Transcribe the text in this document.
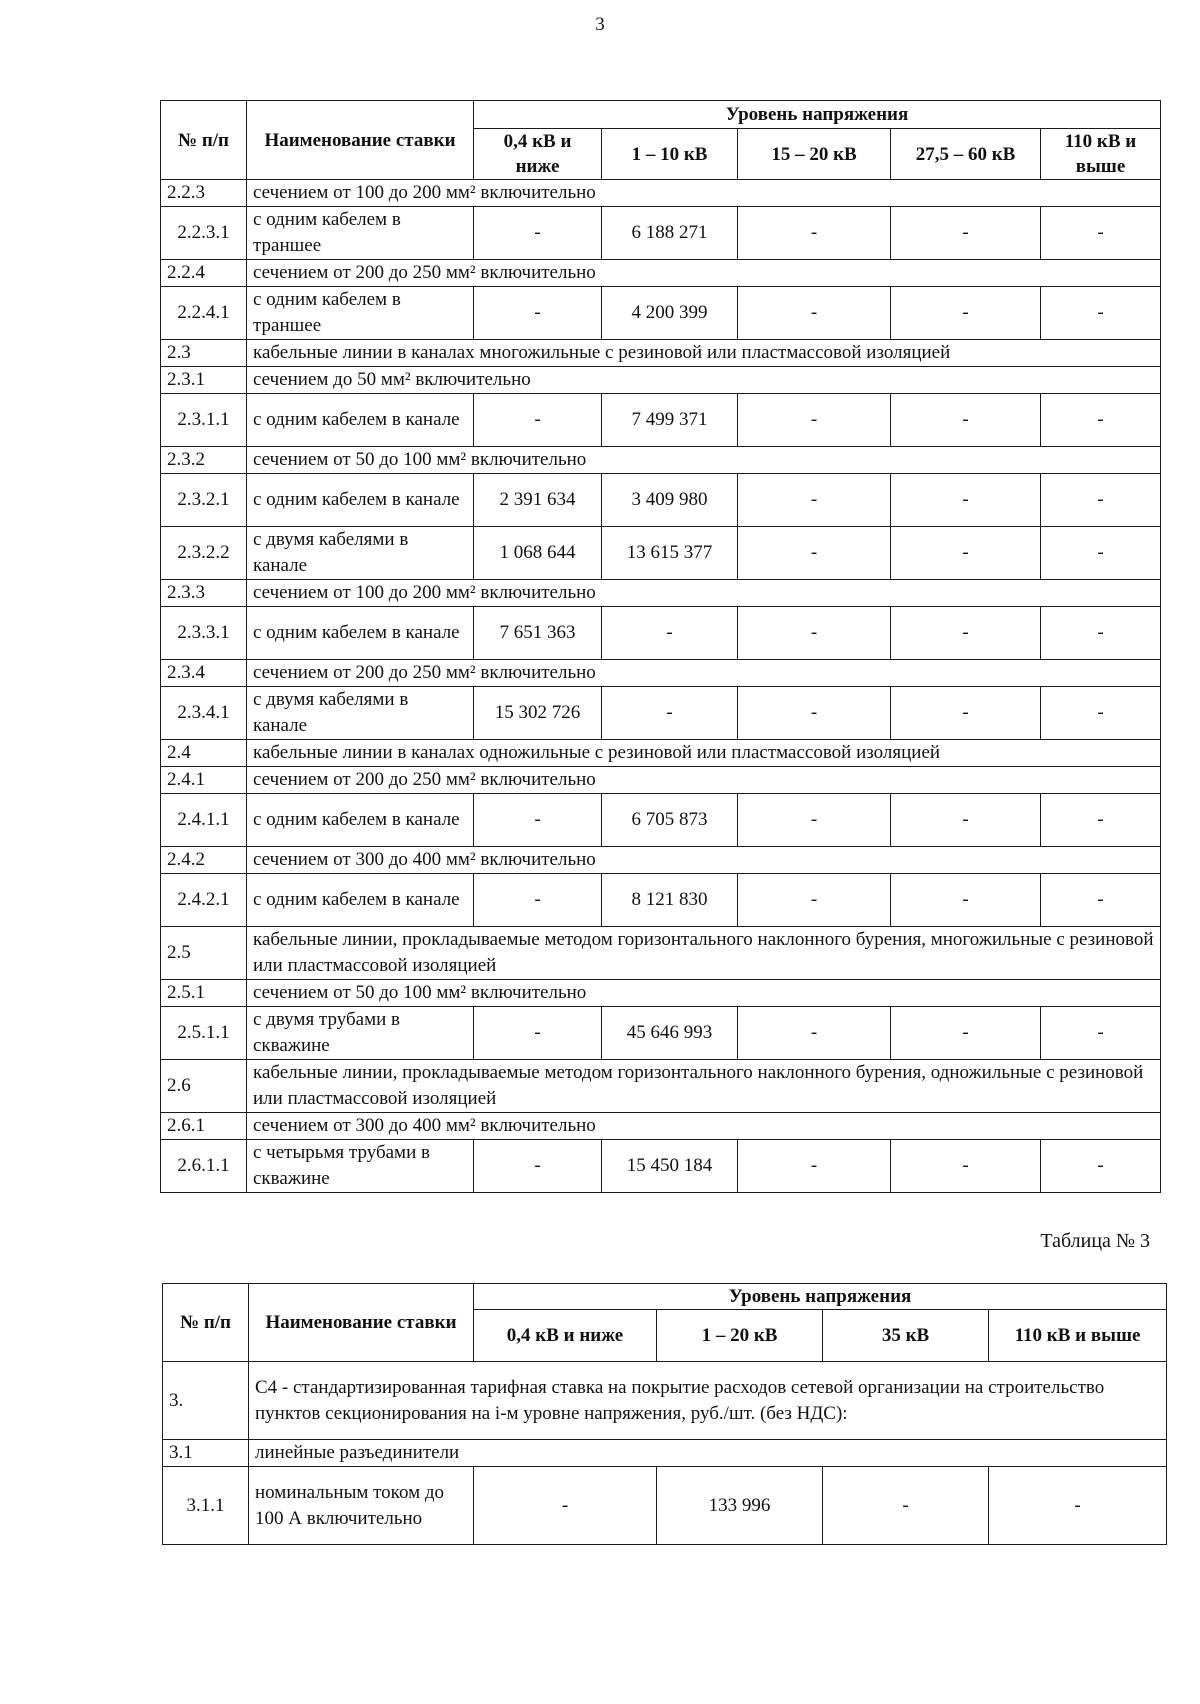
3
№ п/п	Наименование ставки	Уровень напряжения				
		0,4 кВ и ниже	1 – 10 кВ	15 – 20 кВ	27,5 – 60 кВ	110 кВ и выше
2.2.3	сечением от 100 до 200 мм² включительно					
2.2.3.1	с одним кабелем в траншее	-	6 188 271	-	-	-
2.2.4	сечением от 200 до 250 мм² включительно					
2.2.4.1	с одним кабелем в траншее	-	4 200 399	-	-	-
2.3	кабельные линии в каналах многожильные с резиновой или пластмассовой изоляцией					
2.3.1	сечением до 50 мм² включительно					
2.3.1.1	с одним кабелем в канале	-	7 499 371	-	-	-
2.3.2	сечением от 50 до 100 мм² включительно					
2.3.2.1	с одним кабелем в канале	2 391 634	3 409 980	-	-	-
2.3.2.2	с двумя кабелями в канале	1 068 644	13 615 377	-	-	-
2.3.3	сечением от 100 до 200 мм² включительно					
2.3.3.1	с одним кабелем в канале	7 651 363	-	-	-	-
2.3.4	сечением от 200 до 250 мм² включительно					
2.3.4.1	с двумя кабелями в канале	15 302 726	-	-	-	-
2.4	кабельные линии в каналах одножильные с резиновой или пластмассовой изоляцией					
2.4.1	сечением от 200 до 250 мм² включительно					
2.4.1.1	с одним кабелем в канале	-	6 705 873	-	-	-
2.4.2	сечением от 300 до 400 мм² включительно					
2.4.2.1	с одним кабелем в канале	-	8 121 830	-	-	-
2.5	кабельные линии, прокладываемые методом горизонтального наклонного бурения, многожильные с резиновой или пластмассовой изоляцией					
2.5.1	сечением от 50 до 100 мм² включительно					
2.5.1.1	с двумя трубами в скважине	-	45 646 993	-	-	-
2.6	кабельные линии, прокладываемые методом горизонтального наклонного бурения, одножильные с резиновой или пластмассовой изоляцией					
2.6.1	сечением от 300 до 400 мм² включительно					
2.6.1.1	с четырьмя трубами в скважине	-	15 450 184	-	-	-
Таблица № 3
№ п/п	Наименование ставки	Уровень напряжения			
		0,4 кВ и ниже	1 – 20 кВ	35 кВ	110 кВ и выше
3.	С4 - стандартизированная тарифная ставка на покрытие расходов сетевой организации на строительство пунктов секционирования на i-м уровне напряжения, руб./шт. (без НДС):				
3.1	линейные разъединители				
3.1.1	номинальным током до 100 А включительно	-	133 996	-	-
